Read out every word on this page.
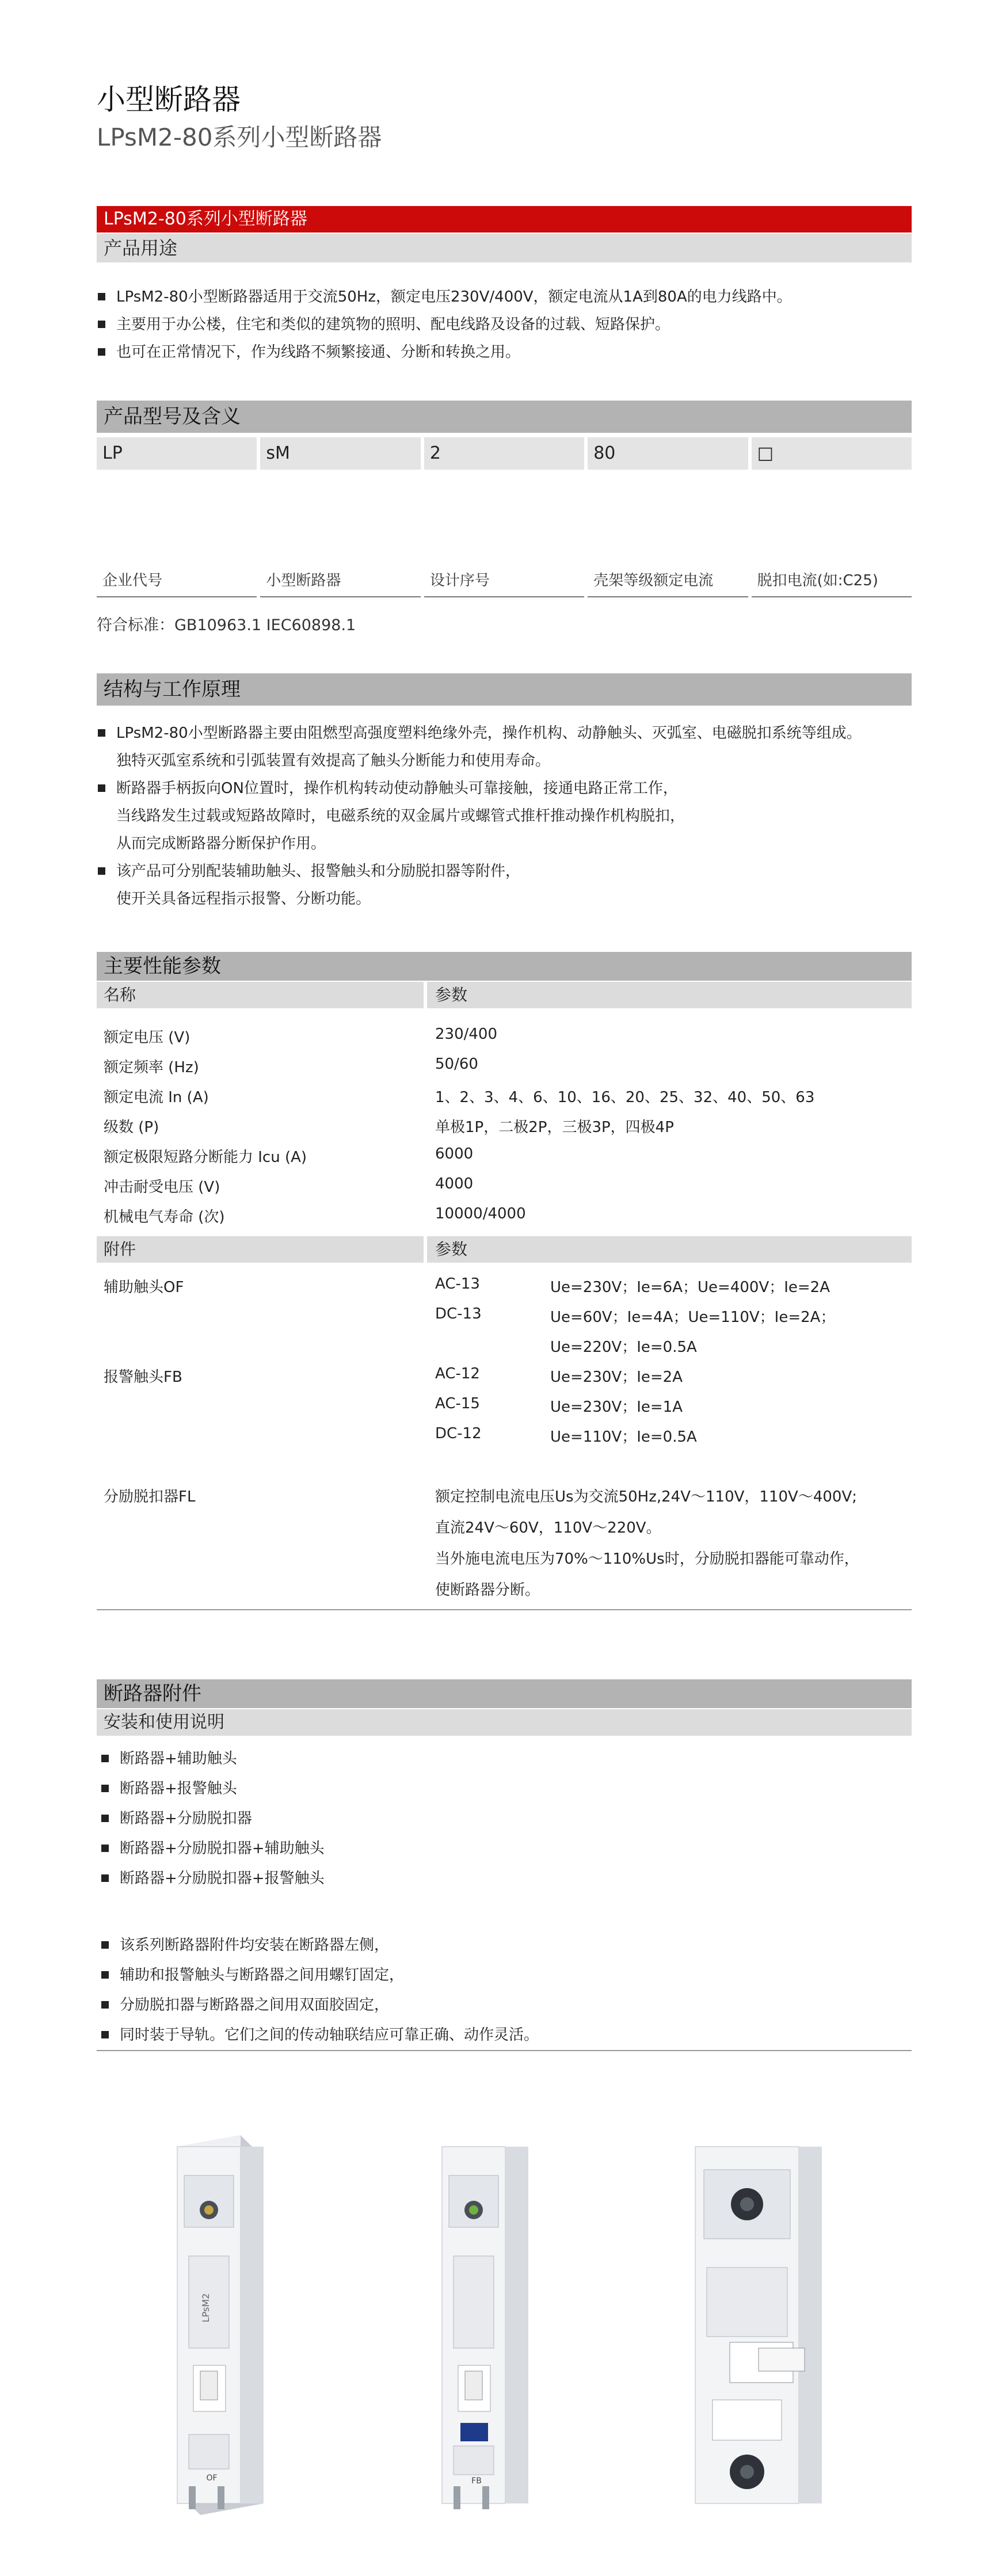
小型断路器
LPsM2-80系列小型断路器
LPsM2-80系列小型断路器
产品用途
LPsM2-80小型断路器适用于交流50Hz，额定电压230V/400V，额定电流从1A到80A的电力线路中。
主要用于办公楼，住宅和类似的建筑物的照明、配电线路及设备的过载、短路保护。
也可在正常情况下，作为线路不频繁接通、分断和转换之用。
产品型号及含义
LP	sM	2	80	□
企业代号	小型断路器	设计序号	壳架等级额定电流	脱扣电流(如:C25)
符合标准：GB10963.1 IEC60898.1
结构与工作原理
LPsM2-80小型断路器主要由阻燃型高强度塑料绝缘外壳，操作机构、动静触头、灭弧室、电磁脱扣系统等组成。
独特灭弧室系统和引弧装置有效提高了触头分断能力和使用寿命。
断路器手柄扳向ON位置时，操作机构转动使动静触头可靠接触，接通电路正常工作，
当线路发生过载或短路故障时，电磁系统的双金属片或螺管式推杆推动操作机构脱扣，
从而完成断路器分断保护作用。
该产品可分别配装辅助触头、报警触头和分励脱扣器等附件，
使开关具备远程指示报警、分断功能。
主要性能参数
名称	参数
额定电压 (V)	230/400
额定频率 (Hz)	50/60
额定电流 In (A)	1、2、3、4、6、10、16、20、25、32、40、50、63
级数 (P)	单极1P，二极2P，三极3P，四极4P
额定极限短路分断能力 Icu (A)	6000
冲击耐受电压 (V)	4000
机械电气寿命 (次)	10000/4000
附件	参数
辅助触头OF	AC-13	Ue=230V；Ie=6A；Ue=400V；Ie=2A
DC-13	Ue=60V；Ie=4A；Ue=110V；Ie=2A；
Ue=220V；Ie=0.5A
报警触头FB	AC-12	Ue=230V；Ie=2A
AC-15	Ue=230V；Ie=1A
DC-12	Ue=110V；Ie=0.5A
分励脱扣器FL	额定控制电流电压Us为交流50Hz,24V～110V，110V～400V;
直流24V～60V，110V～220V。
当外施电流电压为70%～110%Us时，分励脱扣器能可靠动作，
使断路器分断。
断路器附件
安装和使用说明
断路器+辅助触头
断路器+报警触头
断路器+分励脱扣器
断路器+分励脱扣器+辅助触头
断路器+分励脱扣器+报警触头
该系列断路器附件均安装在断路器左侧，
辅助和报警触头与断路器之间用螺钉固定，
分励脱扣器与断路器之间用双面胶固定，
同时装于导轨。它们之间的传动轴联结应可靠正确、动作灵活。
LPsM2
OF	FB
